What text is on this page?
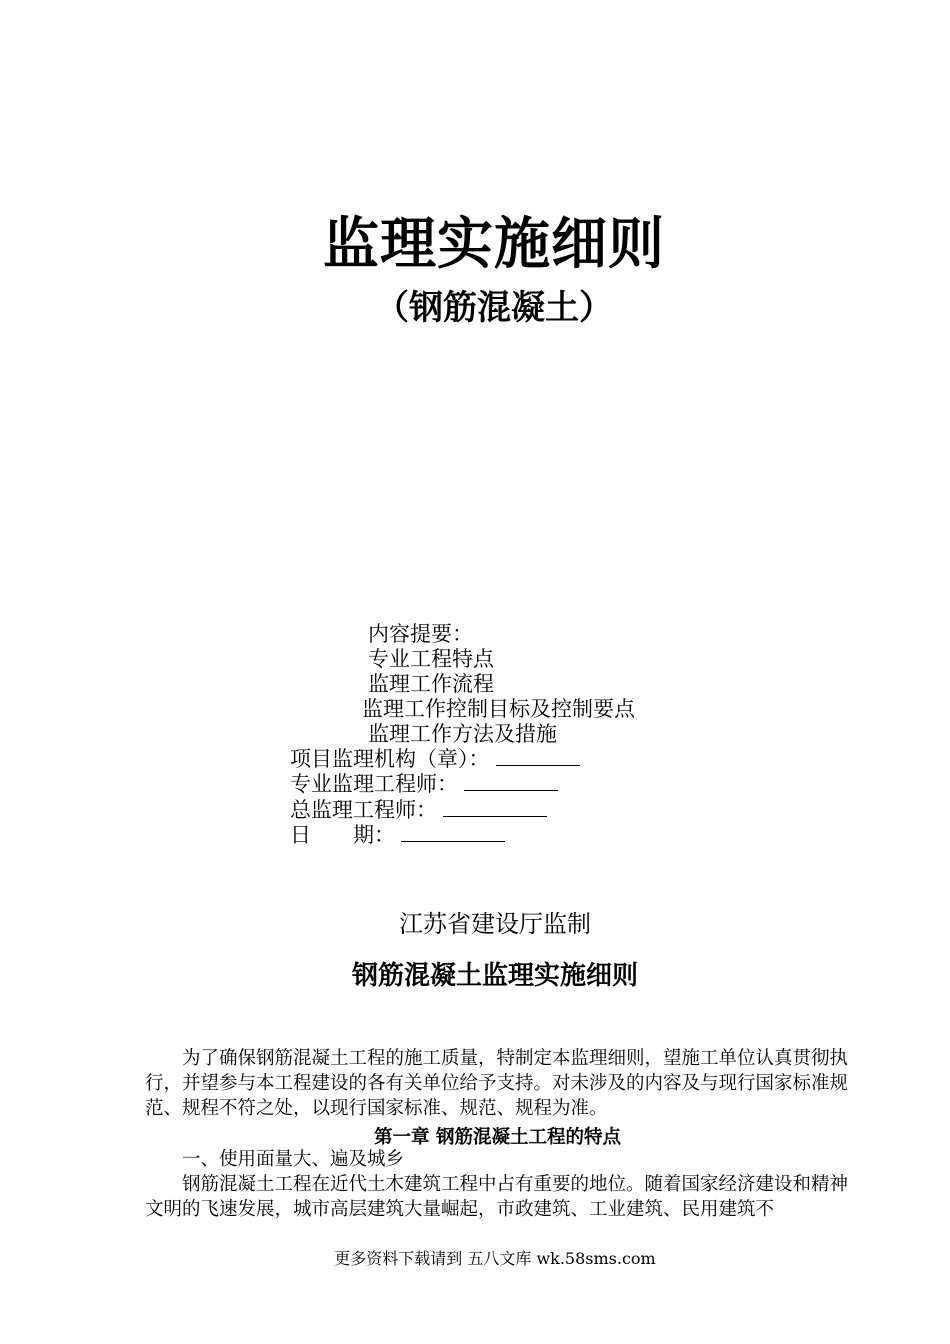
监理实施细则
（钢筋混凝土）
内容提要：
专业工程特点
监理工作流程
监理工作控制目标及控制要点
监理工作方法及措施
项目监理机构（章）：
专业监理工程师：
总监理工程师：
日　　期：
江苏省建设厅监制
钢筋混凝土监理实施细则
为了确保钢筋混凝土工程的施工质量，特制定本监理细则，望施工单位认真贯彻执行，并望参与本工程建设的各有关单位给予支持。对未涉及的内容及与现行国家标准规范、规程不符之处，以现行国家标准、规范、规程为准。
第一章 钢筋混凝土工程的特点
一、使用面量大、遍及城乡
钢筋混凝土工程在近代土木建筑工程中占有重要的地位。随着国家经济建设和精神文明的飞速发展，城市高层建筑大量崛起，市政建筑、工业建筑、民用建筑不
更多资料下载请到 五八文库 wk.58sms.com
